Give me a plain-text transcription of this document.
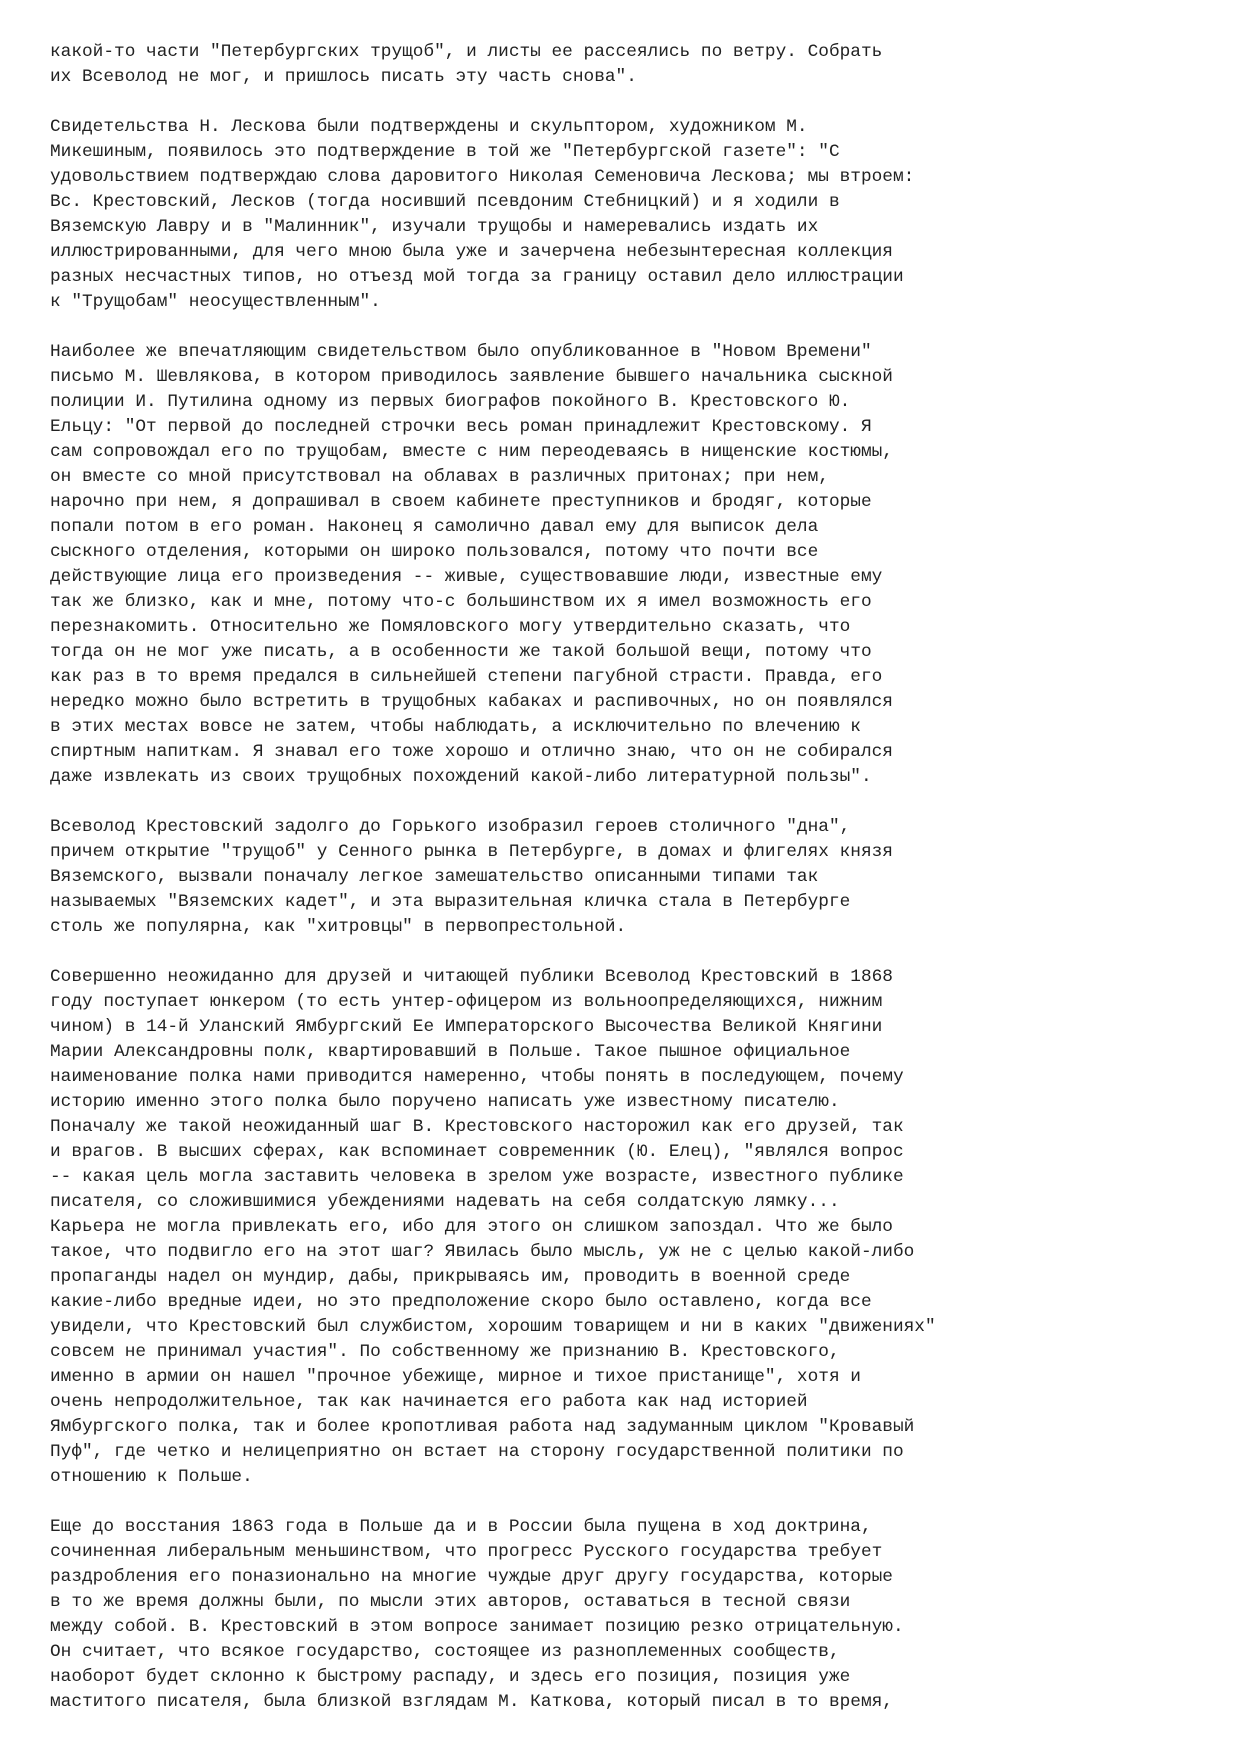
какой-то части "Петербургских трущоб", и листы ее рассеялись по ветру. Собрать
их Всеволод не мог, и пришлось писать эту часть снова".
Свидетельства Н. Лескова были подтверждены и скульптором, художником М.
Микешиным, появилось это подтверждение в той же "Петербургской газете": "С
удовольствием подтверждаю слова даровитого Николая Семеновича Лескова; мы втроем:
Вс. Крестовский, Лесков (тогда носивший псевдоним Стебницкий) и я ходили в
Вяземскую Лавру и в "Малинник", изучали трущобы и намеревались издать их
иллюстрированными, для чего мною была уже и зачерчена небезынтересная коллекция
разных несчастных типов, но отъезд мой тогда за границу оставил дело иллюстрации
к "Трущобам" неосуществленным".
Наиболее же впечатляющим свидетельством было опубликованное в "Новом Времени"
письмо М. Шевлякова, в котором приводилось заявление бывшего начальника сыскной
полиции И. Путилина одному из первых биографов покойного В. Крестовского Ю.
Ельцу: "От первой до последней строчки весь роман принадлежит Крестовскому. Я
сам сопровождал его по трущобам, вместе с ним переодеваясь в нищенские костюмы,
он вместе со мной присутствовал на облавах в различных притонах; при нем,
нарочно при нем, я допрашивал в своем кабинете преступников и бродяг, которые
попали потом в его роман. Наконец я самолично давал ему для выписок дела
сыскного отделения, которыми он широко пользовался, потому что почти все
действующие лица его произведения -- живые, существовавшие люди, известные ему
так же близко, как и мне, потому что-с большинством их я имел возможность его
перезнакомить. Относительно же Помяловского могу утвердительно сказать, что
тогда он не мог уже писать, а в особенности же такой большой вещи, потому что
как раз в то время предался в сильнейшей степени пагубной страсти. Правда, его
нередко можно было встретить в трущобных кабаках и распивочных, но он появлялся
в этих местах вовсе не затем, чтобы наблюдать, а исключительно по влечению к
спиртным напиткам. Я знавал его тоже хорошо и отлично знаю, что он не собирался
даже извлекать из своих трущобных похождений какой-либо литературной пользы".
Всеволод Крестовский задолго до Горького изобразил героев столичного "дна",
причем открытие "трущоб" у Сенного рынка в Петербурге, в домах и флигелях князя
Вяземского, вызвали поначалу легкое замешательство описанными типами так
называемых "Вяземских кадет", и эта выразительная кличка стала в Петербурге
столь же популярна, как "хитровцы" в первопрестольной.
Совершенно неожиданно для друзей и читающей публики Всеволод Крестовский в 1868
году поступает юнкером (то есть унтер-офицером из вольноопределяющихся, нижним
чином) в 14-й Уланский Ямбургский Ее Императорского Высочества Великой Княгини
Марии Александровны полк, квартировавший в Польше. Такое пышное официальное
наименование полка нами приводится намеренно, чтобы понять в последующем, почему
историю именно этого полка было поручено написать уже известному писателю.
Поначалу же такой неожиданный шаг В. Крестовского насторожил как его друзей, так
и врагов. В высших сферах, как вспоминает современник (Ю. Елец), "являлся вопрос
-- какая цель могла заставить человека в зрелом уже возрасте, известного публике
писателя, со сложившимися убеждениями надевать на себя солдатскую лямку...
Карьера не могла привлекать его, ибо для этого он слишком запоздал. Что же было
такое, что подвигло его на этот шаг? Явилась было мысль, уж не с целью какой-либо
пропаганды надел он мундир, дабы, прикрываясь им, проводить в военной среде
какие-либо вредные идеи, но это предположение скоро было оставлено, когда все
увидели, что Крестовский был службистом, хорошим товарищем и ни в каких "движениях"
совсем не принимал участия". По собственному же признанию В. Крестовского,
именно в армии он нашел "прочное убежище, мирное и тихое пристанище", хотя и
очень непродолжительное, так как начинается его работа как над историей
Ямбургского полка, так и более кропотливая работа над задуманным циклом "Кровавый
Пуф", где четко и нелицеприятно он встает на сторону государственной политики по
отношению к Польше.
Еще до восстания 1863 года в Польше да и в России была пущена в ход доктрина,
сочиненная либеральным меньшинством, что прогресс Русского государства требует
раздробления его поназионально на многие чуждые друг другу государства, которые
в то же время должны были, по мысли этих авторов, оставаться в тесной связи
между собой. В. Крестовский в этом вопросе занимает позицию резко отрицательную.
Он считает, что всякое государство, состоящее из разноплеменных сообществ,
наоборот будет склонно к быстрому распаду, и здесь его позиция, позиция уже
маститого писателя, была близкой взглядам М. Каткова, который писал в то время,
